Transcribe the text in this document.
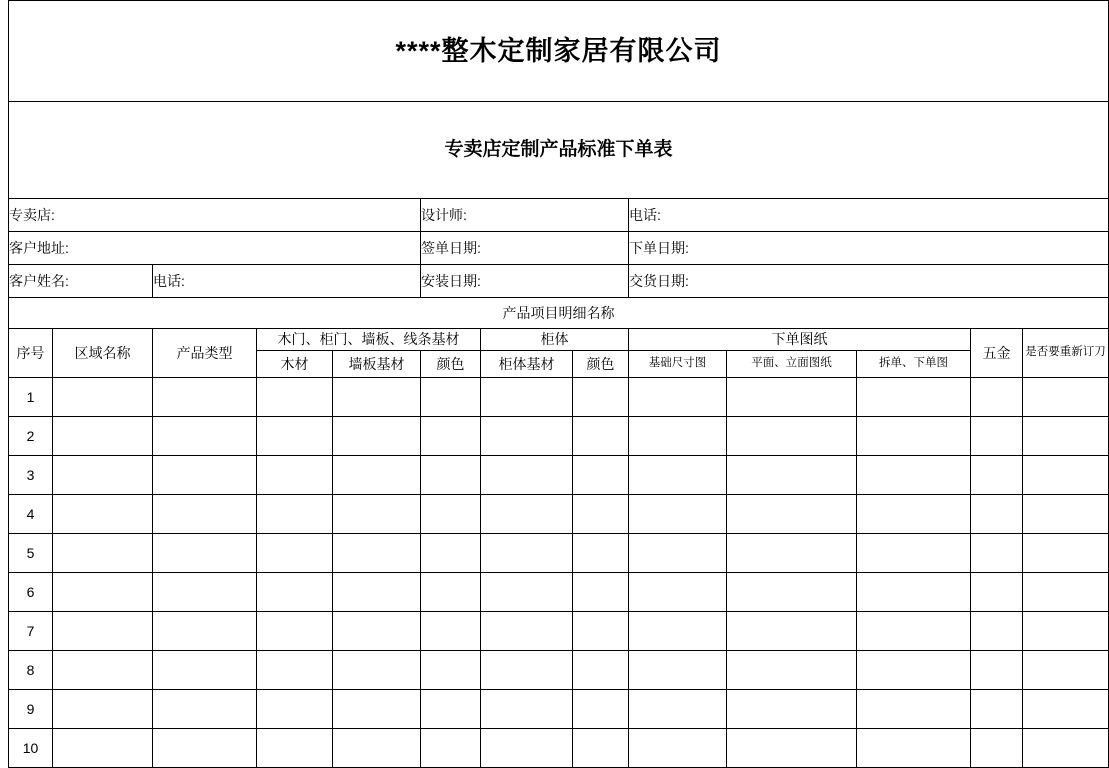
****整木定制家居有限公司												

专卖店定制产品标准下单表												

专卖店:					设计师:			电话:				
客户地址:					签单日期:			下单日期:				
客户姓名:		电话:			安装日期:			交货日期:				
产品项目明细名称												
序号	区域名称	产品类型	木门、柜门、墙板、线条基材			柜体		下单图纸			五金	是否要重新订刀
			木材	墙板基材	颜色	柜体基材	颜色	基础尺寸图	平面、立面图纸	拆单、下单图		
1												
2												
3												
4												
5												
6												
7												
8												
9												
10												
